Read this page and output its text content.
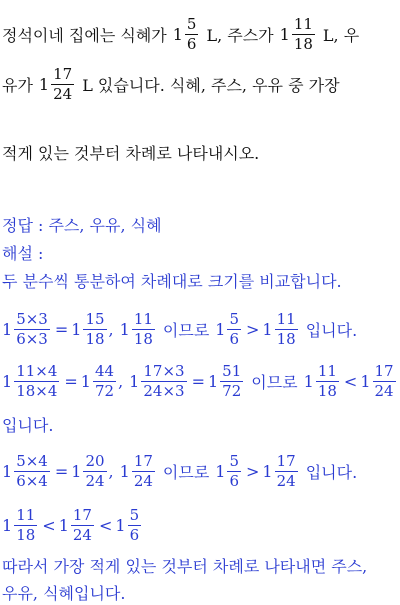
정석이네 집에는 식혜가 $1 \frac{5}{6} L$, 주스가 $1 \frac{11}{18} L$, 우
유가 $1 \frac{17}{24}$ L 있습니다. 식혜, 주스, 우유 중 가장
적게 있는 것부터 차례로 나타내시오.
정답 : 주스, 우유, 식혜
해설 :
두 분수씩 통분하여 차례대로 크기를 비교합니다.
$1 \frac{5\times 3}{6\times 3} = 1 \frac{15}{18}$ , $1 \frac{11}{18}$ 이므로 $1 \frac{5}{6} > 1 \frac{11}{18}$ 입니다.
$1 \frac{11\times 4}{18\times 4} = 1 \frac{44}{72}$ , $1 \frac{17\times 3}{24\times 3} = 1 \frac{51}{72}$ 이므로 $1 \frac{11}{18} < 1 \frac{17}{24}$
입니다.
$1 \frac{5\times 4}{6\times 4} = 1 \frac{20}{24}$ , $1 \frac{17}{24}$ 이므로 $1 \frac{5}{6} > 1 \frac{17}{24}$ 입니다.
$1 \frac{11}{18} < 1 \frac{17}{24} < 1 \frac{5}{6}$
따라서 가장 적게 있는 것부터 차례로 나타내면 주스,
우유, 식혜입니다.
